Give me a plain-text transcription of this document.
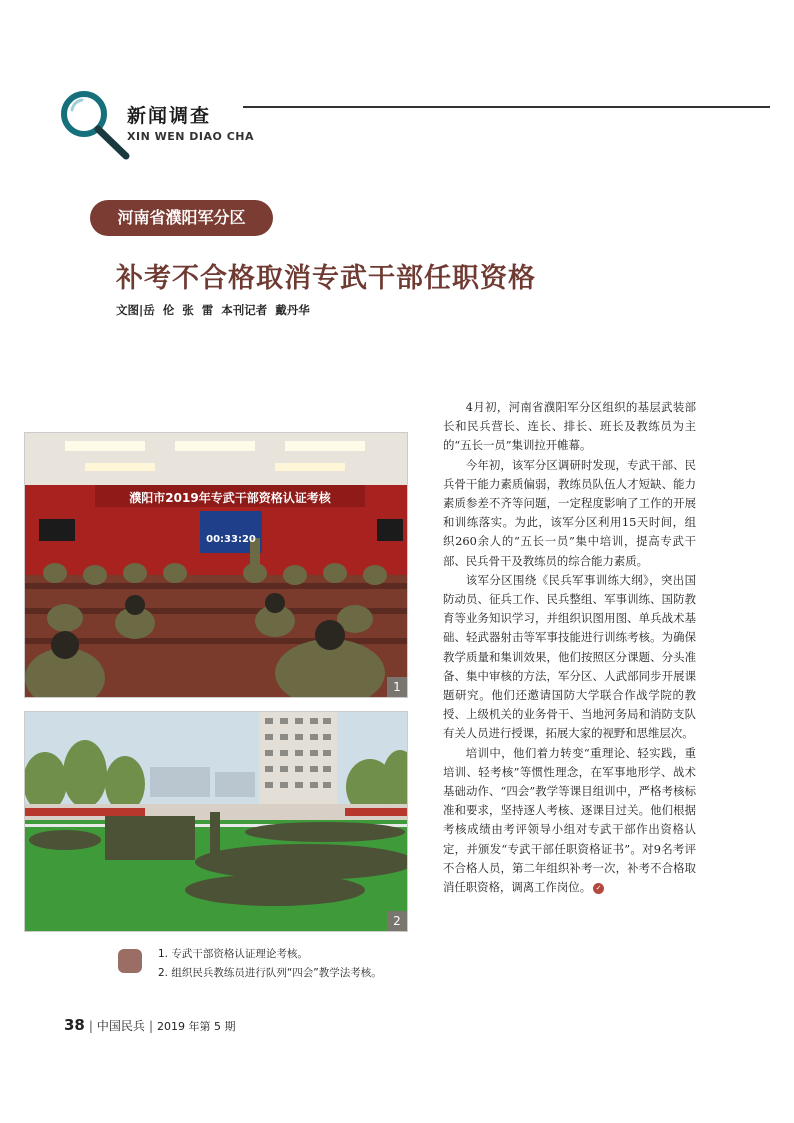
新闻调查
XIN WEN DIAO CHA
河南省濮阳军分区
补考不合格取消专武干部任职资格
文图|岳 伦 张 雷 本刊记者 戴丹华
濮阳市2019年专武干部资格认证考核
00:33:20
1
2
1. 专武干部资格认证理论考核。
2. 组织民兵教练员进行队列“四会”教学法考核。

4月初，河南省濮阳军分区组织的基层武装部长和民兵营长、连长、排长、班长及教练员为主的“五长一员”集训拉开帷幕。

今年初，该军分区调研时发现，专武干部、民兵骨干能力素质偏弱，教练员队伍人才短缺、能力素质参差不齐等问题，一定程度影响了工作的开展和训练落实。为此，该军分区利用15天时间，组织260余人的“五长一员”集中培训，提高专武干部、民兵骨干及教练员的综合能力素质。

该军分区围绕《民兵军事训练大纲》，突出国防动员、征兵工作、民兵整组、军事训练、国防教育等业务知识学习，并组织识图用图、单兵战术基础、轻武器射击等军事技能进行训练考核。为确保教学质量和集训效果，他们按照区分课题、分头准备、集中审核的方法，军分区、人武部同步开展课题研究。他们还邀请国防大学联合作战学院的教授、上级机关的业务骨干、当地河务局和消防支队有关人员进行授课，拓展大家的视野和思维层次。

培训中，他们着力转变“重理论、轻实践，重培训、轻考核”等惯性理念，在军事地形学、战术基础动作、“四会”教学等课目组训中，严格考核标准和要求，坚持逐人考核、逐课目过关。他们根据考核成绩由考评领导小组对专武干部作出资格认定，并颁发“专武干部任职资格证书”。对9名考评不合格人员，第二年组织补考一次，补考不合格取消任职资格，调离工作岗位。 ✓

38 | 中国民兵 | 2019 年第 5 期
